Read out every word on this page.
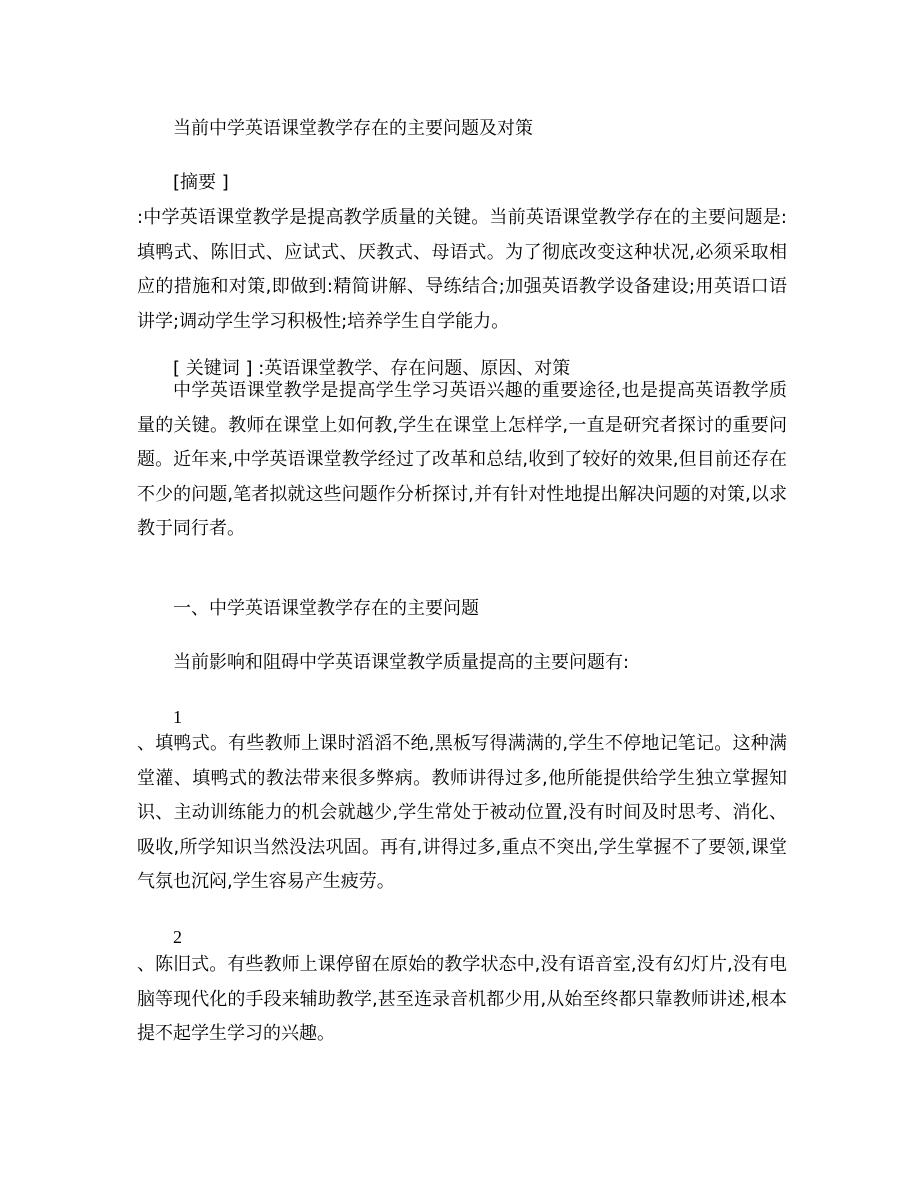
当前中学英语课堂教学存在的主要问题及对策
[摘要 ]

:中学英语课堂教学是提高教学质量的关键。当前英语课堂教学存在的主要问题是:填鸭式、陈旧式、应试式、厌教式、母语式。为了彻底改变这种状况,必须采取相应的措施和对策,即做到:精简讲解、导练结合;加强英语教学设备建设;用英语口语讲学;调动学生学习积极性;培养学生自学能力。

[ 关键词 ] :英语课堂教学、存在问题、原因、对策

中学英语课堂教学是提高学生学习英语兴趣的重要途径,也是提高英语教学质量的关键。教师在课堂上如何教,学生在课堂上怎样学,一直是研究者探讨的重要问题。近年来,中学英语课堂教学经过了改革和总结,收到了较好的效果,但目前还存在不少的问题,笔者拟就这些问题作分析探讨,并有针对性地提出解决问题的对策,以求教于同行者。

一、中学英语课堂教学存在的主要问题
当前影响和阻碍中学英语课堂教学质量提高的主要问题有:
1

、填鸭式。有些教师上课时滔滔不绝,黑板写得满满的,学生不停地记笔记。这种满堂灌、填鸭式的教法带来很多弊病。教师讲得过多,他所能提供给学生独立掌握知识、主动训练能力的机会就越少,学生常处于被动位置,没有时间及时思考、消化、吸收,所学知识当然没法巩固。再有,讲得过多,重点不突出,学生掌握不了要领,课堂气氛也沉闷,学生容易产生疲劳。

2

、陈旧式。有些教师上课停留在原始的教学状态中,没有语音室,没有幻灯片,没有电脑等现代化的手段来辅助教学,甚至连录音机都少用,从始至终都只靠教师讲述,根本提不起学生学习的兴趣。
